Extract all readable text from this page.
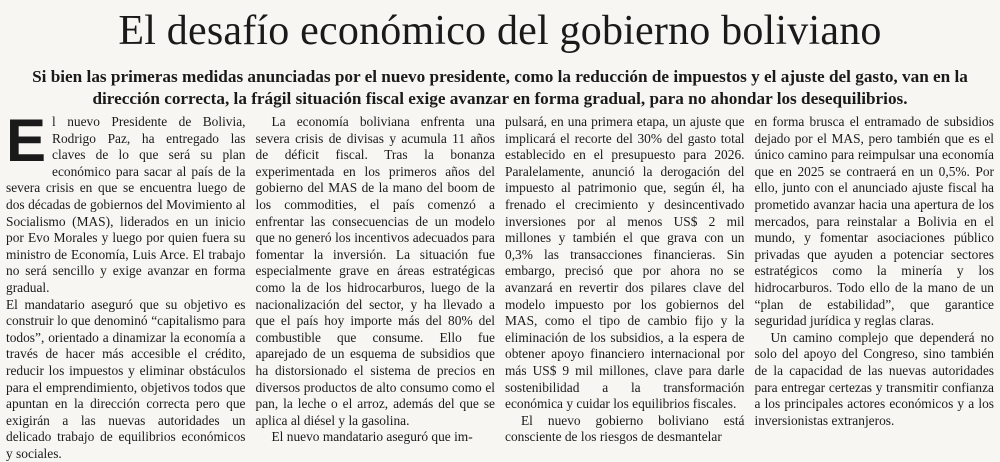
El desafío económico del gobierno boliviano

Si bien las primeras medidas anunciadas por el nuevo presidente, como la reducción de impuestos y el ajuste del gasto, van en la dirección correcta, la frágil situación fiscal exige avanzar en forma gradual, para no ahondar los desequilibrios.

El nuevo Presidente de Bolivia, Rodrigo Paz, ha entregado las claves de lo que será su plan económico para sacar al país de la severa crisis en que se encuentra luego de dos décadas de gobiernos del Movimiento al Socialismo (MAS), liderados en un inicio por Evo Morales y luego por quien fuera su ministro de Economía, Luis Arce. El trabajo no será sencillo y exige avanzar en forma gradual.

El mandatario aseguró que su objetivo es construir lo que denominó “capitalismo para todos”, orientado a dinamizar la economía a través de hacer más accesible el crédito, reducir los impuestos y eliminar obstáculos para el emprendimiento, objetivos todos que apuntan en la dirección correcta pero que exigirán a las nuevas autoridades un delicado trabajo de equilibrios económicos y sociales.

La economía boliviana enfrenta una severa crisis de divisas y acumula 11 años de déficit fiscal. Tras la bonanza experimentada en los primeros años del gobierno del MAS de la mano del boom de los commodities, el país comenzó a enfrentar las consecuencias de un modelo que no generó los incentivos adecuados para fomentar la inversión. La situación fue especialmente grave en áreas estratégicas como la de los hidrocarburos, luego de la nacionalización del sector, y ha llevado a que el país hoy importe más del 80% del combustible que consume. Ello fue aparejado de un esquema de subsidios que ha distorsionado el sistema de precios en diversos productos de alto consumo como el pan, la leche o el arroz, además del que se aplica al diésel y la gasolina.

El nuevo mandatario aseguró que im-

pulsará, en una primera etapa, un ajuste que implicará el recorte del 30% del gasto total establecido en el presupuesto para 2026. Paralelamente, anunció la derogación del impuesto al patrimonio que, según él, ha frenado el crecimiento y desincentivado inversiones por al menos US$ 2 mil millones y también el que grava con un 0,3% las transacciones financieras. Sin embargo, precisó que por ahora no se avanzará en revertir dos pilares clave del modelo impuesto por los gobiernos del MAS, como el tipo de cambio fijo y la eliminación de los subsidios, a la espera de obtener apoyo financiero internacional por más US$ 9 mil millones, clave para darle sostenibilidad a la transformación económica y cuidar los equilibrios fiscales.

El nuevo gobierno boliviano está consciente de los riesgos de desmantelar

en forma brusca el entramado de subsidios dejado por el MAS, pero también que es el único camino para reimpulsar una economía que en 2025 se contraerá en un 0,5%. Por ello, junto con el anunciado ajuste fiscal ha prometido avanzar hacia una apertura de los mercados, para reinstalar a Bolivia en el mundo, y fomentar asociaciones público privadas que ayuden a potenciar sectores estratégicos como la minería y los hidrocarburos. Todo ello de la mano de un “plan de estabilidad”, que garantice seguridad jurídica y reglas claras.

Un camino complejo que dependerá no solo del apoyo del Congreso, sino también de la capacidad de las nuevas autoridades para entregar certezas y transmitir confianza a los principales actores económicos y a los inversionistas extranjeros.
